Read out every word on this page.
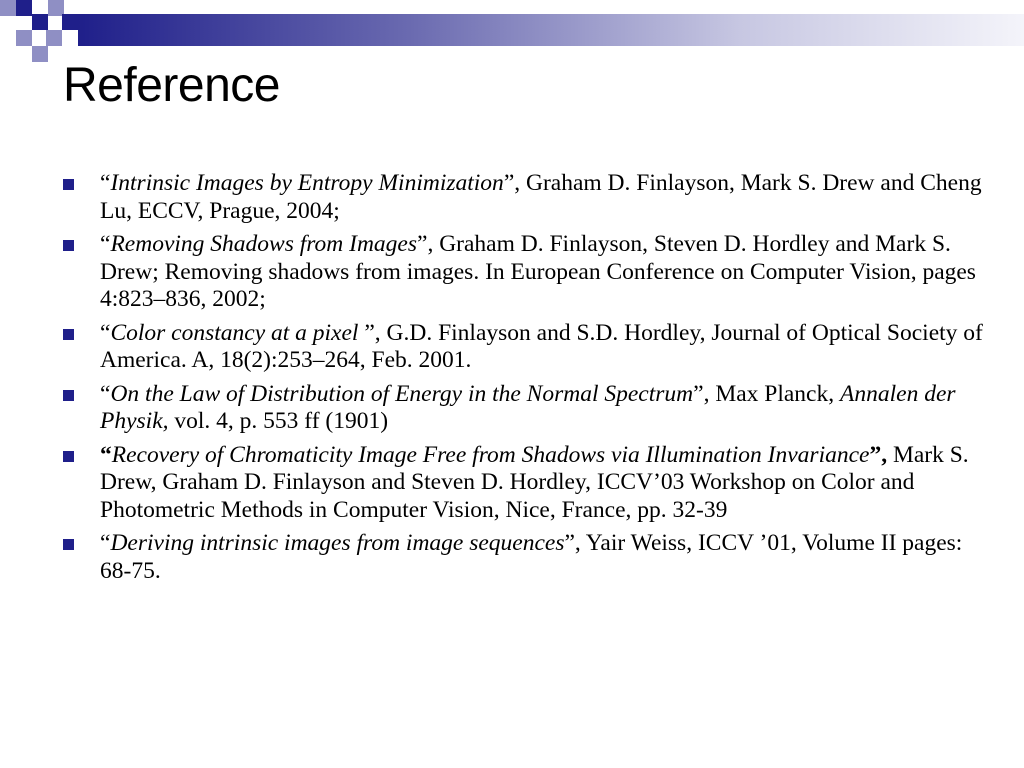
Reference
“Intrinsic Images by Entropy Minimization”, Graham D. Finlayson, Mark S. Drew and Cheng Lu, ECCV, Prague, 2004;
“Removing Shadows from Images”, Graham D. Finlayson, Steven D. Hordley and Mark S. Drew; Removing shadows from images. In European Conference on Computer Vision, pages 4:823–836, 2002;
“Color constancy at a pixel ”, G.D. Finlayson and S.D. Hordley, Journal of Optical Society of America. A, 18(2):253–264, Feb. 2001.
“On the Law of Distribution of Energy in the Normal Spectrum”, Max Planck, Annalen der Physik, vol. 4, p. 553 ff (1901)
“Recovery of Chromaticity Image Free from Shadows via Illumination Invariance”, Mark S. Drew, Graham D. Finlayson and Steven D. Hordley, ICCV’03 Workshop on Color and Photometric Methods in Computer Vision, Nice, France, pp. 32-39
“Deriving intrinsic images from image sequences”, Yair Weiss, ICCV ’01, Volume II pages: 68-75.
